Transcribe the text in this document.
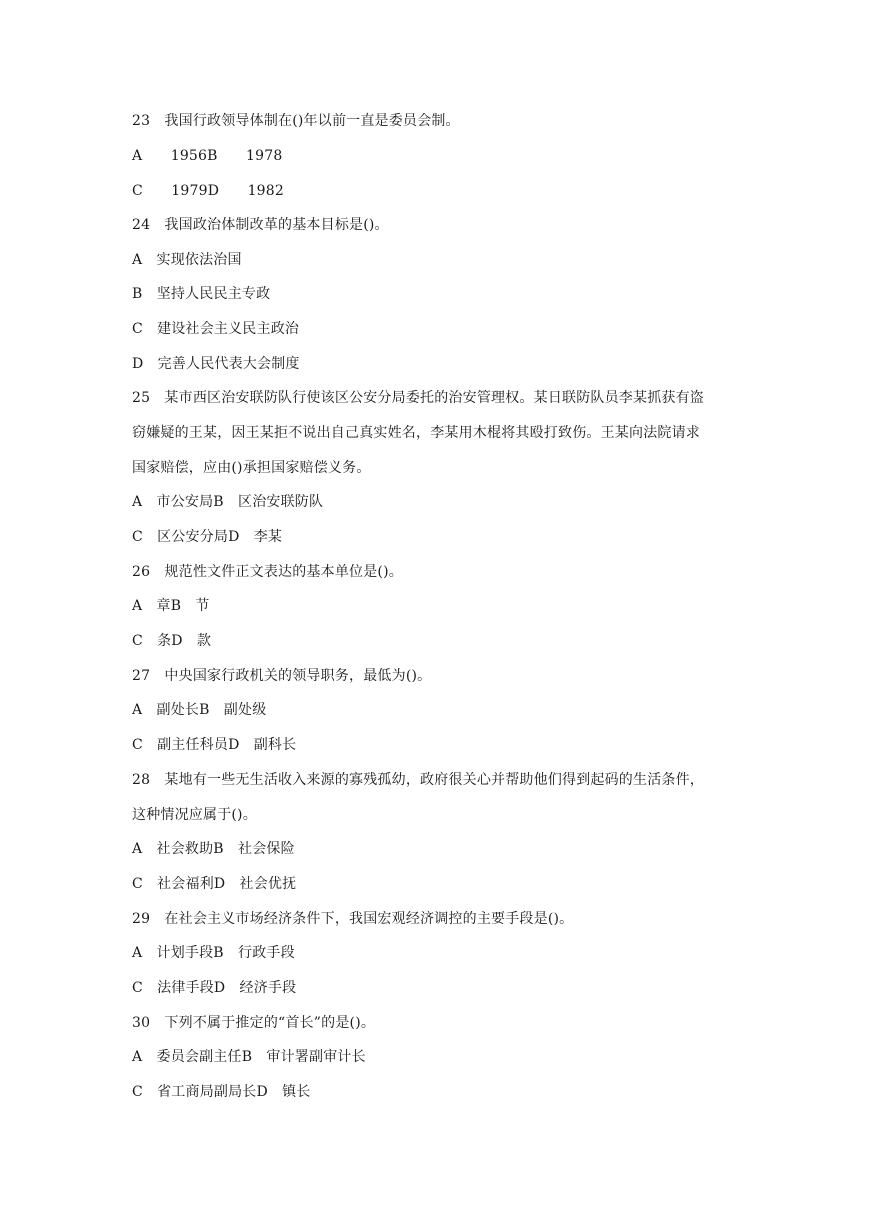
23　我国行政领导体制在()年以前一直是委员会制。
A　　1956B　　1978
C　　1979D　　1982
24　我国政治体制改革的基本目标是()。
A　实现依法治国
B　坚持人民民主专政
C　建设社会主义民主政治
D　完善人民代表大会制度
25　某市西区治安联防队行使该区公安分局委托的治安管理权。某日联防队员李某抓获有盗
窃嫌疑的王某，因王某拒不说出自己真实姓名，李某用木棍将其殴打致伤。王某向法院请求
国家赔偿，应由()承担国家赔偿义务。
A　市公安局B　区治安联防队
C　区公安分局D　李某
26　规范性文件正文表达的基本单位是()。
A　章B　节
C　条D　款
27　中央国家行政机关的领导职务，最低为()。
A　副处长B　副处级
C　副主任科员D　副科长
28　某地有一些无生活收入来源的寡残孤幼，政府很关心并帮助他们得到起码的生活条件，
这种情况应属于()。
A　社会救助B　社会保险
C　社会福利D　社会优抚
29　在社会主义市场经济条件下，我国宏观经济调控的主要手段是()。
A　计划手段B　行政手段
C　法律手段D　经济手段
30　下列不属于推定的“首长”的是()。
A　委员会副主任B　审计署副审计长
C　省工商局副局长D　镇长
